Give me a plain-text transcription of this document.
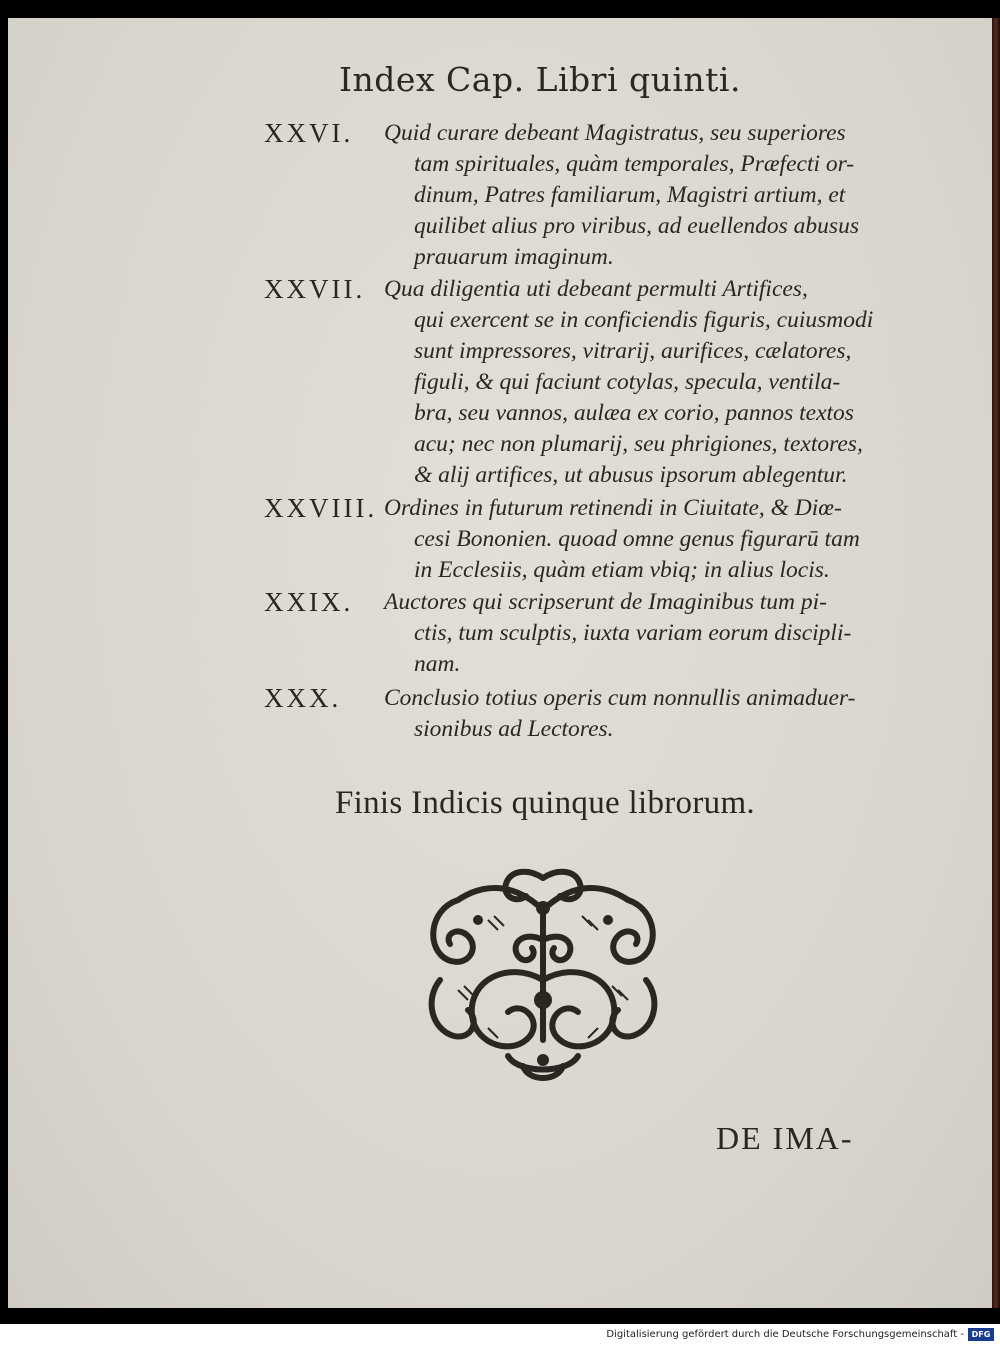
Index Cap. Libri quinti.
XXVI. Quid curare debeant Magistratus, seu superiores
tam spirituales, quàm temporales, Præfecti or-
dinum, Patres familiarum, Magistri artium, et
quilibet alius pro viribus, ad euellendos abusus
prauarum imaginum.
XXVII. Qua diligentia uti debeant permulti Artifices,
qui exercent se in conficiendis figuris, cuiusmodi
sunt impressores, vitrarij, aurifices, cælatores,
figuli, & qui faciunt cotylas, specula, ventila-
bra, seu vannos, aulæa ex corio, pannos textos
acu; nec non plumarij, seu phrigiones, textores,
& alij artifices, ut abusus ipsorum ablegentur.
XXVIII. Ordines in futurum retinendi in Ciuitate, & Diœ-
cesi Bononien. quoad omne genus figurarū tam
in Ecclesiis, quàm etiam vbiq; in alius locis.
XXIX. Auctores qui scripserunt de Imaginibus tum pi-
ctis, tum sculptis, iuxta variam eorum discipli-
nam.
XXX. Conclusio totius operis cum nonnullis animaduer-
sionibus ad Lectores.
Finis Indicis quinque librorum.
DE IMA-
Digitalisierung gefördert durch die Deutsche Forschungsgemeinschaft - DFG
